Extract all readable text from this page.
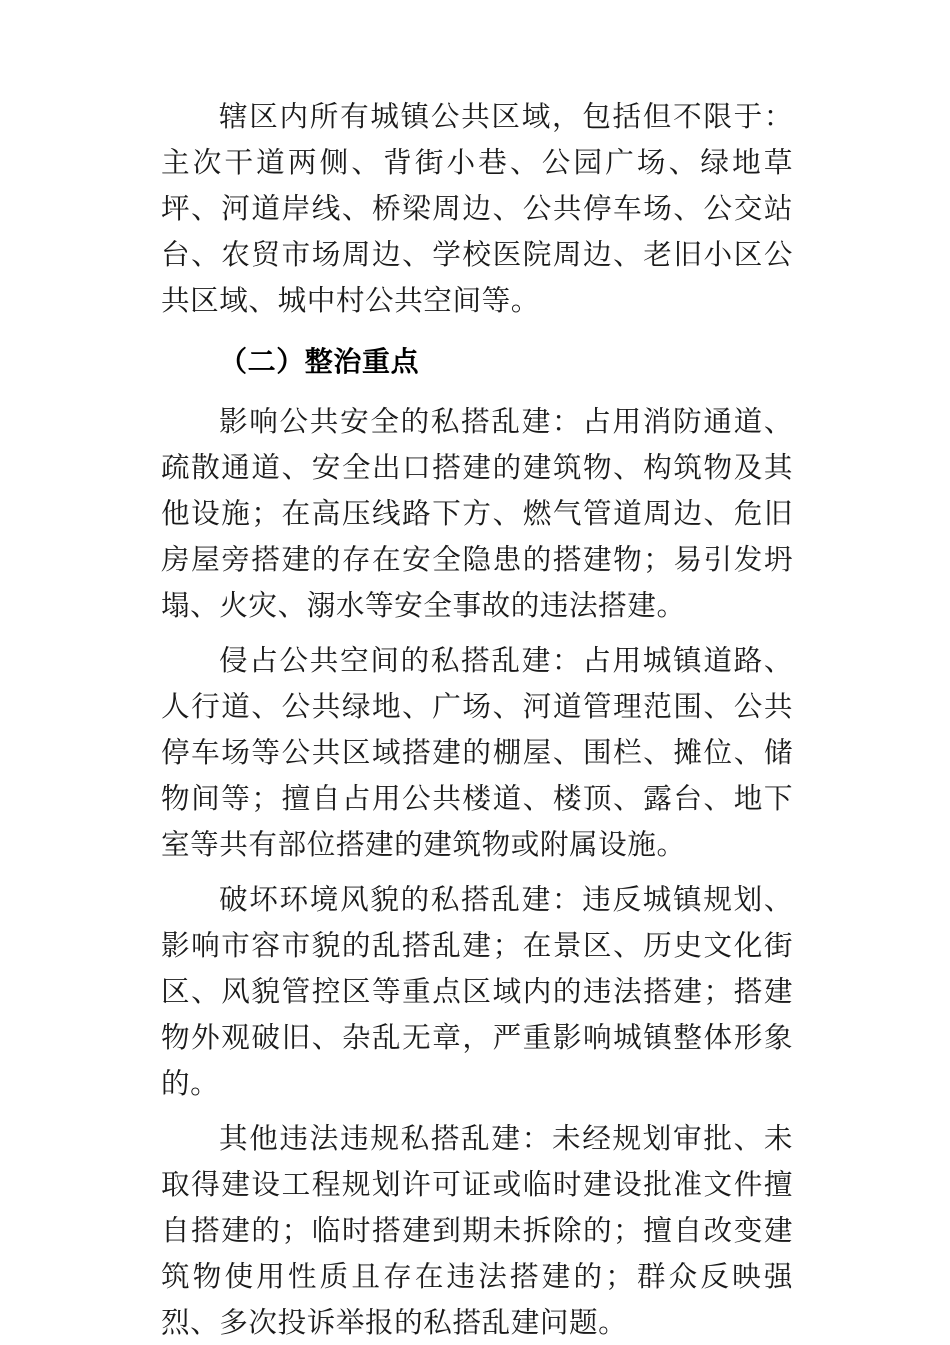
辖区内所有城镇公共区域，包括但不限于：主次干道两侧、背街小巷、公园广场、绿地草坪、河道岸线、桥梁周边、公共停车场、公交站台、农贸市场周边、学校医院周边、老旧小区公共区域、城中村公共空间等。

（二）整治重点

影响公共安全的私搭乱建：占用消防通道、疏散通道、安全出口搭建的建筑物、构筑物及其他设施；在高压线路下方、燃气管道周边、危旧房屋旁搭建的存在安全隐患的搭建物；易引发坍塌、火灾、溺水等安全事故的违法搭建。

侵占公共空间的私搭乱建：占用城镇道路、人行道、公共绿地、广场、河道管理范围、公共停车场等公共区域搭建的棚屋、围栏、摊位、储物间等；擅自占用公共楼道、楼顶、露台、地下室等共有部位搭建的建筑物或附属设施。

破坏环境风貌的私搭乱建：违反城镇规划、影响市容市貌的乱搭乱建；在景区、历史文化街区、风貌管控区等重点区域内的违法搭建；搭建物外观破旧、杂乱无章，严重影响城镇整体形象的。

其他违法违规私搭乱建：未经规划审批、未取得建设工程规划许可证或临时建设批准文件擅自搭建的；临时搭建到期未拆除的；擅自改变建筑物使用性质且存在违法搭建的；群众反映强烈、多次投诉举报的私搭乱建问题。
